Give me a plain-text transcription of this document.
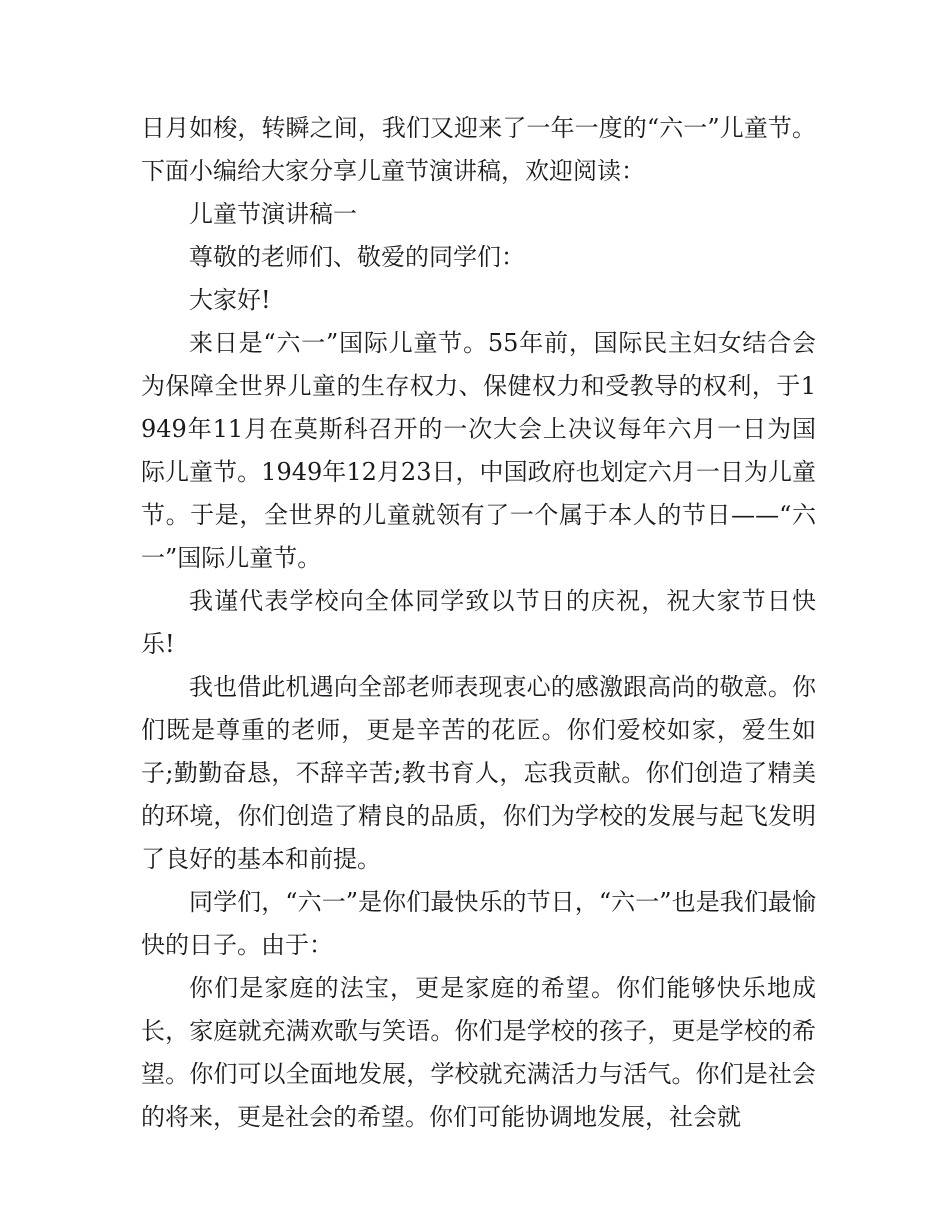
日月如梭，转瞬之间，我们又迎来了一年一度的“六一”儿童节。下面小编给大家分享儿童节演讲稿，欢迎阅读：

儿童节演讲稿一

尊敬的老师们、敬爱的同学们：

大家好!

来日是“六一”国际儿童节。55年前，国际民主妇女结合会为保障全世界儿童的生存权力、保健权力和受教导的权利，于1949年11月在莫斯科召开的一次大会上决议每年六月一日为国际儿童节。1949年12月23日，中国政府也划定六月一日为儿童节。于是，全世界的儿童就领有了一个属于本人的节日——“六一”国际儿童节。

我谨代表学校向全体同学致以节日的庆祝，祝大家节日快乐!

我也借此机遇向全部老师表现衷心的感激跟高尚的敬意。你们既是尊重的老师，更是辛苦的花匠。你们爱校如家，爱生如子;勤勤奋恳，不辞辛苦;教书育人，忘我贡献。你们创造了精美的环境，你们创造了精良的品质，你们为学校的发展与起飞发明了良好的基本和前提。

同学们，“六一”是你们最快乐的节日，“六一”也是我们最愉快的日子。由于：

你们是家庭的法宝，更是家庭的希望。你们能够快乐地成长，家庭就充满欢歌与笑语。你们是学校的孩子，更是学校的希望。你们可以全面地发展，学校就充满活力与活气。你们是社会的将来，更是社会的希望。你们可能协调地发展，社会就
